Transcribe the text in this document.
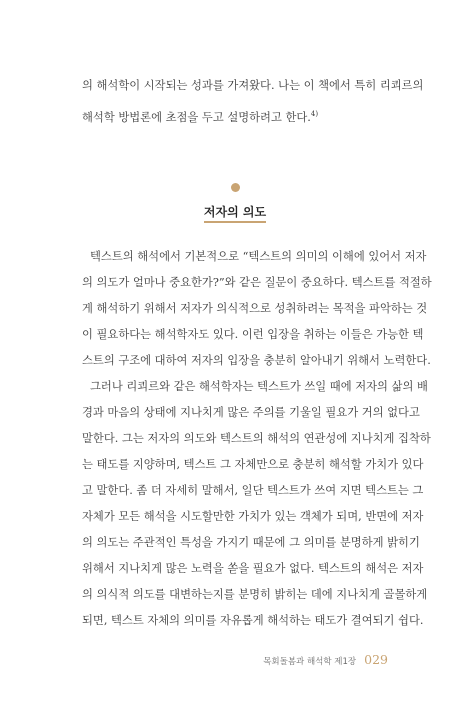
의 해석학이 시작되는 성과를 가져왔다. 나는 이 책에서 특히 리쾨르의
해석학 방법론에 초점을 두고 설명하려고 한다.$^{4)}$
저자의 의도
텍스트의 해석에서 기본적으로 “텍스트의 의미의 이해에 있어서 저자
의 의도가 얼마나 중요한가?”와 같은 질문이 중요하다. 텍스트를 적절하
게 해석하기 위해서 저자가 의식적으로 성취하려는 목적을 파악하는 것
이 필요하다는 해석학자도 있다. 이런 입장을 취하는 이들은 가능한 텍
스트의 구조에 대하여 저자의 입장을 충분히 알아내기 위해서 노력한다.
그러나 리쾨르와 같은 해석학자는 텍스트가 쓰일 때에 저자의 삶의 배
경과 마음의 상태에 지나치게 많은 주의를 기울일 필요가 거의 없다고
말한다. 그는 저자의 의도와 텍스트의 해석의 연관성에 지나치게 집착하
는 태도를 지양하며, 텍스트 그 자체만으로 충분히 해석할 가치가 있다
고 말한다. 좀 더 자세히 말해서, 일단 텍스트가 쓰여 지면 텍스트는 그
자체가 모든 해석을 시도할만한 가치가 있는 객체가 되며, 반면에 저자
의 의도는 주관적인 특성을 가지기 때문에 그 의미를 분명하게 밝히기
위해서 지나치게 많은 노력을 쏟을 필요가 없다. 텍스트의 해석은 저자
의 의식적 의도를 대변하는지를 분명히 밝히는 데에 지나치게 골몰하게
되면, 텍스트 자체의 의미를 자유롭게 해석하는 태도가 결여되기 쉽다.
목회돌봄과 해석학 제1장 029
